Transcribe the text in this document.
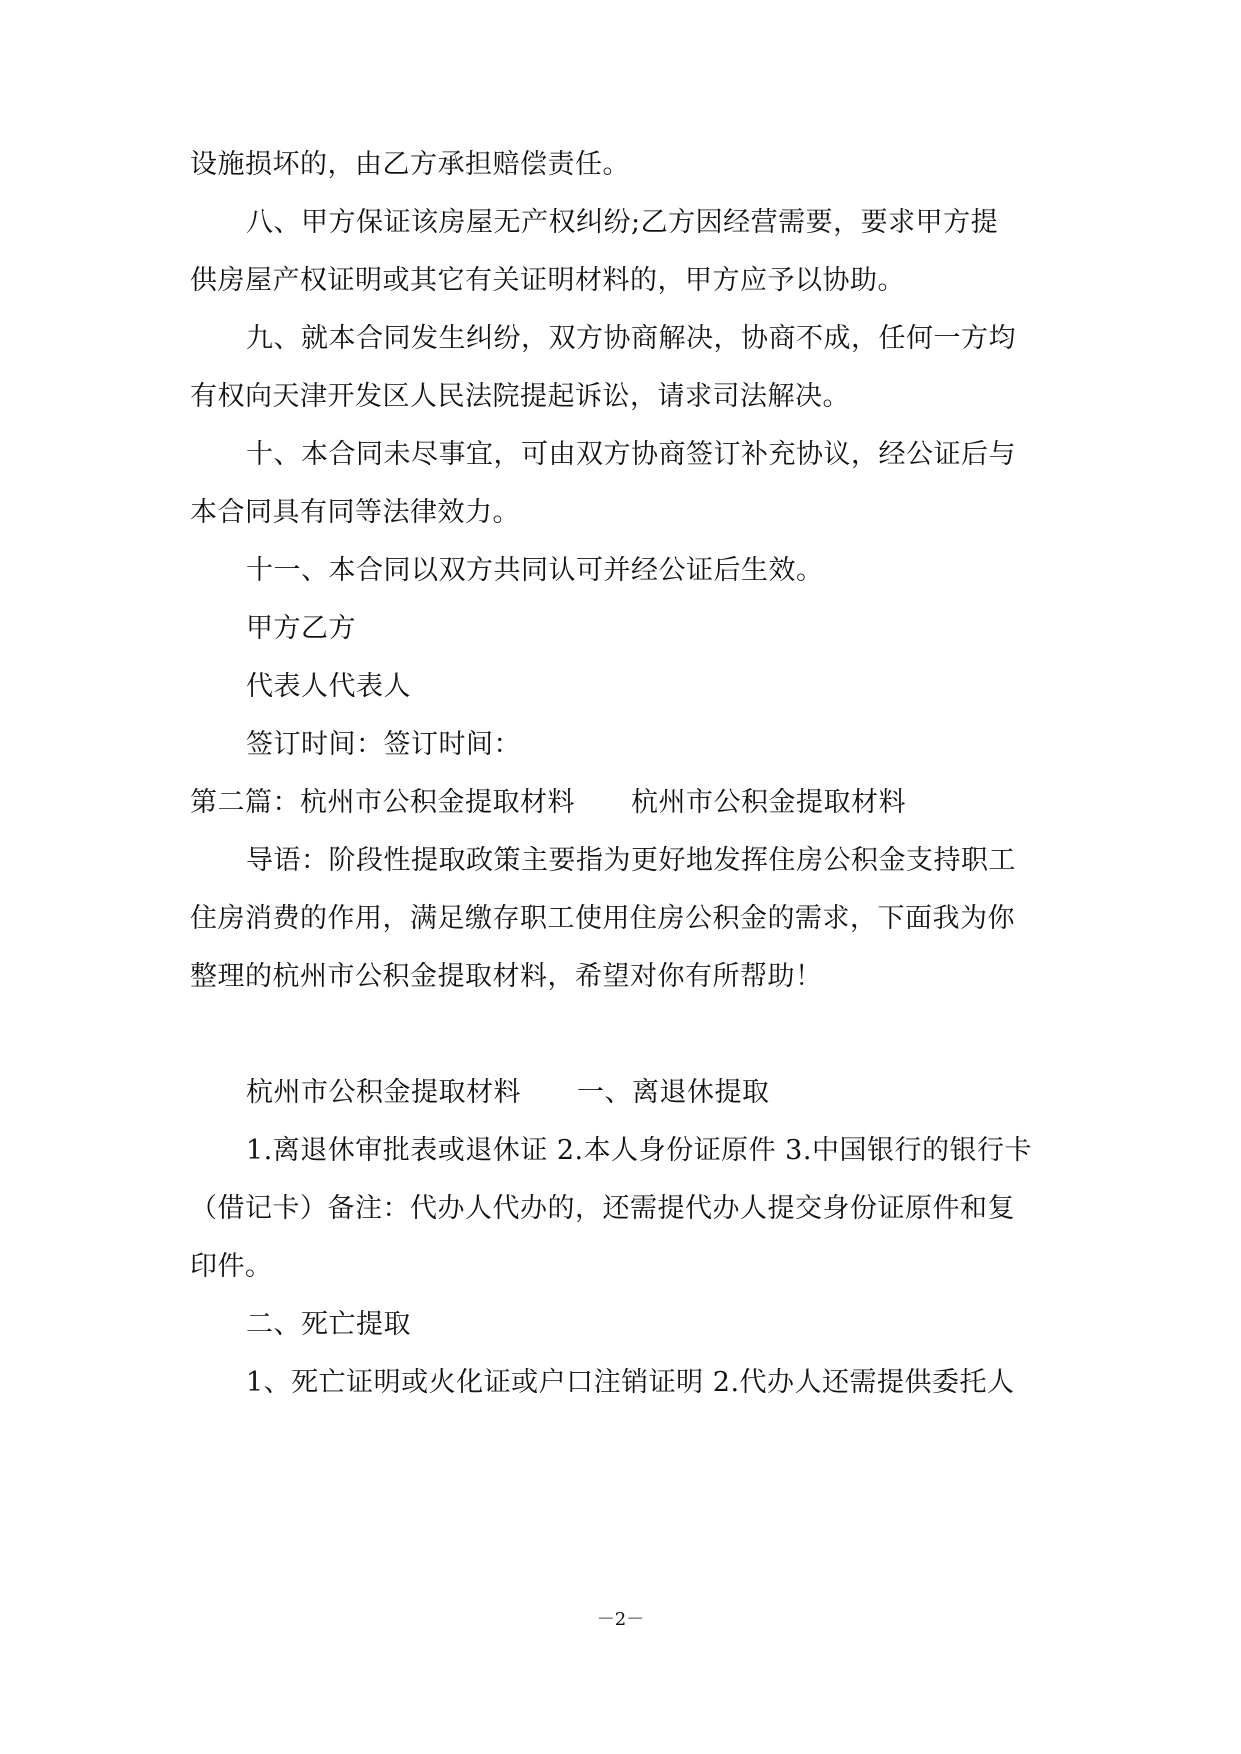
设施损坏的，由乙方承担赔偿责任。
八、甲方保证该房屋无产权纠纷;乙方因经营需要，要求甲方提
供房屋产权证明或其它有关证明材料的，甲方应予以协助。
九、就本合同发生纠纷，双方协商解决，协商不成，任何一方均
有权向天津开发区人民法院提起诉讼，请求司法解决。
十、本合同未尽事宜，可由双方协商签订补充协议，经公证后与
本合同具有同等法律效力。
十一、本合同以双方共同认可并经公证后生效。
甲方乙方
代表人代表人
签订时间：签订时间：
第二篇：杭州市公积金提取材料 杭州市公积金提取材料
导语：阶段性提取政策主要指为更好地发挥住房公积金支持职工
住房消费的作用，满足缴存职工使用住房公积金的需求，下面我为你
整理的杭州市公积金提取材料，希望对你有所帮助！
杭州市公积金提取材料 一、离退休提取
1.离退休审批表或退休证 2.本人身份证原件 3.中国银行的银行卡
（借记卡）备注：代办人代办的，还需提代办人提交身份证原件和复
印件。
二、死亡提取
1、死亡证明或火化证或户口注销证明 2.代办人还需提供委托人
－2－
